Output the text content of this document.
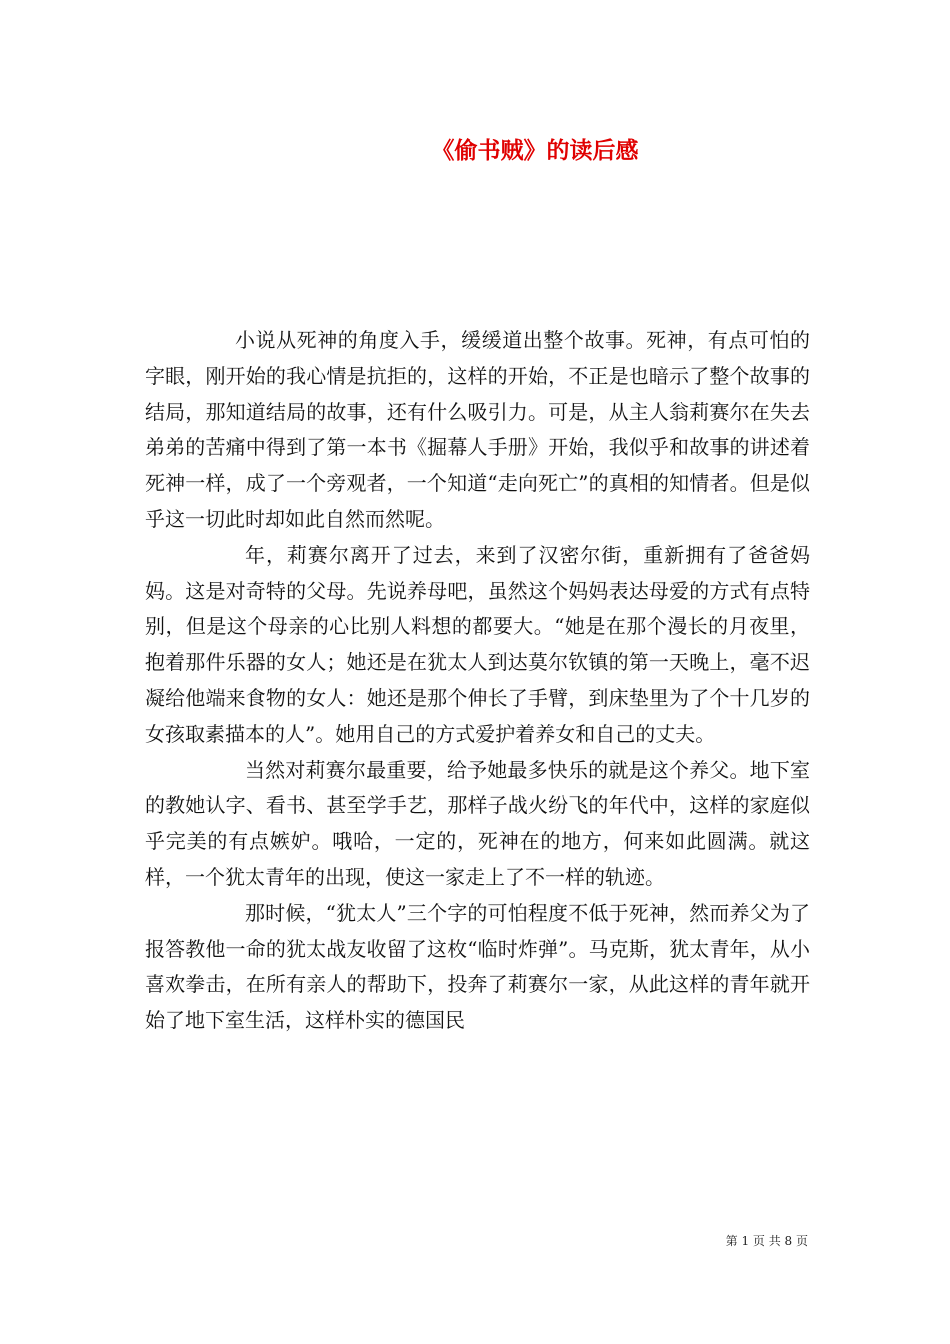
《偷书贼》的读后感

小说从死神的角度入手，缓缓道出整个故事。死神，有点可怕的字眼，刚开始的我心情是抗拒的，这样的开始，不正是也暗示了整个故事的结局，那知道结局的故事，还有什么吸引力。可是，从主人翁莉赛尔在失去弟弟的苦痛中得到了第一本书《掘幕人手册》开始，我似乎和故事的讲述着死神一样，成了一个旁观者，一个知道“走向死亡”的真相的知情者。但是似乎这一切此时却如此自然而然呢。

年，莉赛尔离开了过去，来到了汉密尔街，重新拥有了爸爸妈妈。这是对奇特的父母。先说养母吧，虽然这个妈妈表达母爱的方式有点特别，但是这个母亲的心比别人料想的都要大。“她是在那个漫长的月夜里，抱着那件乐器的女人；她还是在犹太人到达莫尔钦镇的第一天晚上，毫不迟凝给他端来食物的女人：她还是那个伸长了手臂，到床垫里为了个十几岁的女孩取素描本的人”。她用自己的方式爱护着养女和自己的丈夫。

当然对莉赛尔最重要，给予她最多快乐的就是这个养父。地下室的教她认字、看书、甚至学手艺，那样子战火纷飞的年代中，这样的家庭似乎完美的有点嫉妒。哦哈，一定的，死神在的地方，何来如此圆满。就这样，一个犹太青年的出现，使这一家走上了不一样的轨迹。

那时候，“犹太人”三个字的可怕程度不低于死神，然而养父为了报答教他一命的犹太战友收留了这枚“临时炸弹”。马克斯，犹太青年，从小喜欢拳击，在所有亲人的帮助下，投奔了莉赛尔一家，从此这样的青年就开始了地下室生活，这样朴实的德国民

第 1 页 共 8 页
